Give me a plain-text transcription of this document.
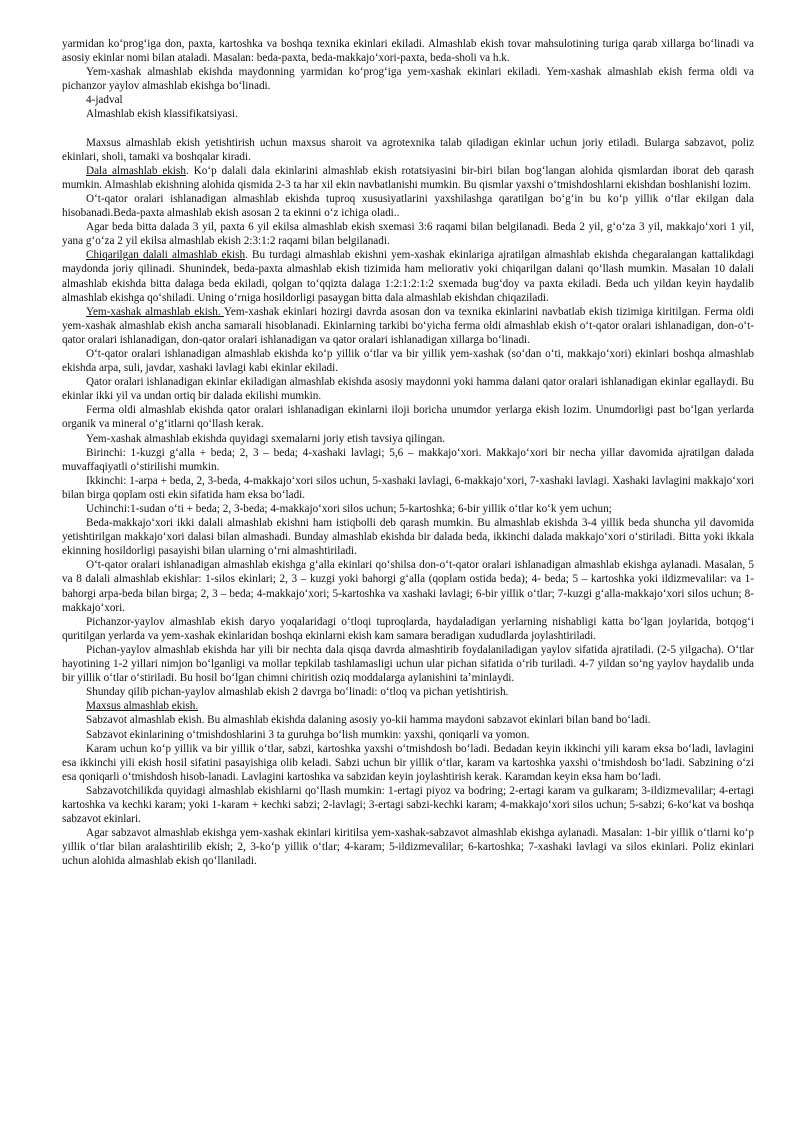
yarmidan koʻprogʻiga don, paxta, kartoshka va boshqa texnika ekinlari ekiladi. Almashlab ekish tovar mahsulotining turiga qarab xillarga boʻlinadi va asosiy ekinlar nomi bilan ataladi. Masalan: beda-paxta, beda-makkajoʻxori-paxta, beda-sholi va h.k.

Yem-xashak almashlab ekishda maydonning yarmidan koʻprogʻiga yem-xashak ekinlari ekiladi. Yem-xashak almashlab ekish ferma oldi va pichanzor yaylov almashlab ekishga boʻlinadi.

4-jadval

Almashlab ekish klassifikatsiyasi.

Maxsus almashlab ekish yetishtirish uchun maxsus sharoit va agrotexnika talab qiladigan ekinlar uchun joriy etiladi. Bularga sabzavot, poliz ekinlari, sholi, tamaki va boshqalar kiradi.

Dala almashlab ekish. Koʻp dalali dala ekinlarini almashlab ekish rotatsiyasini bir-biri bilan bogʻlangan alohida qismlardan iborat deb qarash mumkin. Almashlab ekishning alohida qismida 2-3 ta har xil ekin navbatlanishi mumkin. Bu qismlar yaxshi oʻtmishdoshlarni ekishdan boshlanishi lozim.

Oʻt-qator oralari ishlanadigan almashlab ekishda tuproq xususiyatlarini yaxshilashga qaratilgan boʻgʻin bu koʻp yillik oʻtlar ekilgan dala hisobanadi.Beda-paxta almashlab ekish asosan 2 ta ekinni oʻz ichiga oladi..

Agar beda bitta dalada 3 yil, paxta 6 yil ekilsa almashlab ekish sxemasi 3:6 raqami bilan belgilanadi. Beda 2 yil, gʻoʻza 3 yil, makkajoʻxori 1 yil, yana gʻoʻza 2 yil ekilsa almashlab ekish 2:3:1:2 raqami bilan belgilanadi.

Chiqarilgan dalali almashlab ekish. Bu turdagi almashlab ekishni yem-xashak ekinlariga ajratilgan almashlab ekishda chegaralangan kattalikdagi maydonda joriy qilinadi. Shunindek, beda-paxta almashlab ekish tizimida ham meliorativ yoki chiqarilgan dalani qoʻllash mumkin. Masalan 10 dalali almashlab ekishda bitta dalaga beda ekiladi, qolgan toʻqqizta dalaga 1:2:1:2:1:2 sxemada bugʻdoy va paxta ekiladi. Beda uch yildan keyin haydalib almashlab ekishga qoʻshiladi. Uning oʻrniga hosildorligi pasaygan bitta dala almashlab ekishdan chiqaziladi.

Yem-xashak almashlab ekish. Yem-xashak ekinlari hozirgi davrda asosan don va texnika ekinlarini navbatlab ekish tizimiga kiritilgan. Ferma oldi yem-xashak almashlab ekish ancha samarali hisoblanadi. Ekinlarning tarkibi boʻyicha ferma oldi almashlab ekish oʻt-qator oralari ishlanadigan, don-oʻt-qator oralari ishlanadigan, don-qator oralari ishlanadigan va qator oralari ishlanadigan xillarga boʻlinadi.

Oʻt-qator oralari ishlanadigan almashlab ekishda koʻp yillik oʻtlar va bir yillik yem-xashak (soʻdan oʻti, makkajoʻxori) ekinlari boshqa almashlab ekishda arpa, suli, javdar, xashaki lavlagi kabi ekinlar ekiladi.

Qator oralari ishlanadigan ekinlar ekiladigan almashlab ekishda asosiy maydonni yoki hamma dalani qator oralari ishlanadigan ekinlar egallaydi. Bu ekinlar ikki yil va undan ortiq bir dalada ekilishi mumkin.

Ferma oldi almashlab ekishda qator oralari ishlanadigan ekinlarni iloji boricha unumdor yerlarga ekish lozim. Unumdorligi past boʻlgan yerlarda organik va mineral oʻgʻitlarni qoʻllash kerak.

Yem-xashak almashlab ekishda quyidagi sxemalarni joriy etish tavsiya qilingan.

Birinchi: 1-kuzgi gʻalla + beda; 2, 3 – beda; 4-xashaki lavlagi; 5,6 – makkajoʻxori. Makkajoʻxori bir necha yillar davomida ajratilgan dalada muvaffaqiyatli oʻstirilishi mumkin.

Ikkinchi: 1-arpa + beda, 2, 3-beda, 4-makkajoʻxori silos uchun, 5-xashaki lavlagi, 6-makkajoʻxori, 7-xashaki lavlagi. Xashaki lavlagini makkajoʻxori bilan birga qoplam osti ekin sifatida ham eksa boʻladi.

Uchinchi:1-sudan oʻti + beda; 2, 3-beda; 4-makkajoʻxori silos uchun; 5-kartoshka; 6-bir yillik oʻtlar koʻk yem uchun;

Beda-makkajoʻxori ikki dalali almashlab ekishni ham istiqbolli deb qarash mumkin. Bu almashlab ekishda 3-4 yillik beda shuncha yil davomida yetishtirilgan makkajoʻxori dalasi bilan almashadi. Bunday almashlab ekishda bir dalada beda, ikkinchi dalada makkajoʻxori oʻstiriladi. Bitta yoki ikkala ekinning hosildorligi pasayishi bilan ularning oʻrni almashtiriladi.

Oʻt-qator oralari ishlanadigan almashlab ekishga gʻalla ekinlari qoʻshilsa don-oʻt-qator oralari ishlanadigan almashlab ekishga aylanadi. Masalan, 5 va 8 dalali almashlab ekishlar: 1-silos ekinlari; 2, 3 – kuzgi yoki bahorgi gʻalla (qoplam ostida beda); 4- beda; 5 – kartoshka yoki ildizmevalilar: va 1-bahorgi arpa-beda bilan birga; 2, 3 – beda; 4-makkajoʻxori; 5-kartoshka va xashaki lavlagi; 6-bir yillik oʻtlar; 7-kuzgi gʻalla-makkajoʻxori silos uchun; 8-makkajoʻxori.

Pichanzor-yaylov almashlab ekish daryo yoqalaridagi oʻtloqi tuproqlarda, haydaladigan yerlarning nishabligi katta boʻlgan joylarida, botqogʻi quritilgan yerlarda va yem-xashak ekinlaridan boshqa ekinlarni ekish kam samara beradigan xududlarda joylashtiriladi.

Pichan-yaylov almashlab ekishda har yili bir nechta dala qisqa davrda almashtirib foydalaniladigan yaylov sifatida ajratiladi. (2-5 yilgacha). Oʻtlar hayotining 1-2 yillari nimjon boʻlganligi va mollar tepkilab tashlamasligi uchun ular pichan sifatida oʻrib turiladi. 4-7 yildan soʻng yaylov haydalib unda bir yillik oʻtlar oʻstiriladi. Bu hosil boʻlgan chimni chiritish oziq moddalarga aylanishini taʼminlaydi.

Shunday qilib pichan-yaylov almashlab ekish 2 davrga boʻlinadi: oʻtloq va pichan yetishtirish.

Maxsus almashlab ekish.

Sabzavot almashlab ekish. Bu almashlab ekishda dalaning asosiy yo-kii hamma maydoni sabzavot ekinlari bilan band boʻladi.

Sabzavot ekinlarining oʻtmishdoshlarini 3 ta guruhga boʻlish mumkin: yaxshi, qoniqarli va yomon.

Karam uchun koʻp yillik va bir yillik oʻtlar, sabzi, kartoshka yaxshi oʻtmishdosh boʻladi. Bedadan keyin ikkinchi yili karam eksa boʻladi, lavlagini esa ikkinchi yili ekish hosil sifatini pasayishiga olib keladi. Sabzi uchun bir yillik oʻtlar, karam va kartoshka yaxshi oʻtmishdosh boʻladi. Sabzining oʻzi esa qoniqarli oʻtmishdosh hisob-lanadi. Lavlagini kartoshka va sabzidan keyin joylashtirish kerak. Karamdan keyin eksa ham boʻladi.

Sabzavotchilikda quyidagi almashlab ekishlarni qoʻllash mumkin: 1-ertagi piyoz va bodring; 2-ertagi karam va gulkaram; 3-ildizmevalilar; 4-ertagi kartoshka va kechki karam; yoki 1-karam + kechki sabzi; 2-lavlagi; 3-ertagi sabzi-kechki karam; 4-makkajoʻxori silos uchun; 5-sabzi; 6-koʻkat va boshqa sabzavot ekinlari.

Agar sabzavot almashlab ekishga yem-xashak ekinlari kiritilsa yem-xashak-sabzavot almashlab ekishga aylanadi. Masalan: 1-bir yillik oʻtlarni koʻp yillik oʻtlar bilan aralashtirilib ekish; 2, 3-koʻp yillik oʻtlar; 4-karam; 5-ildizmevalilar; 6-kartoshka; 7-xashaki lavlagi va silos ekinlari. Poliz ekinlari uchun alohida almashlab ekish qoʻllaniladi.
